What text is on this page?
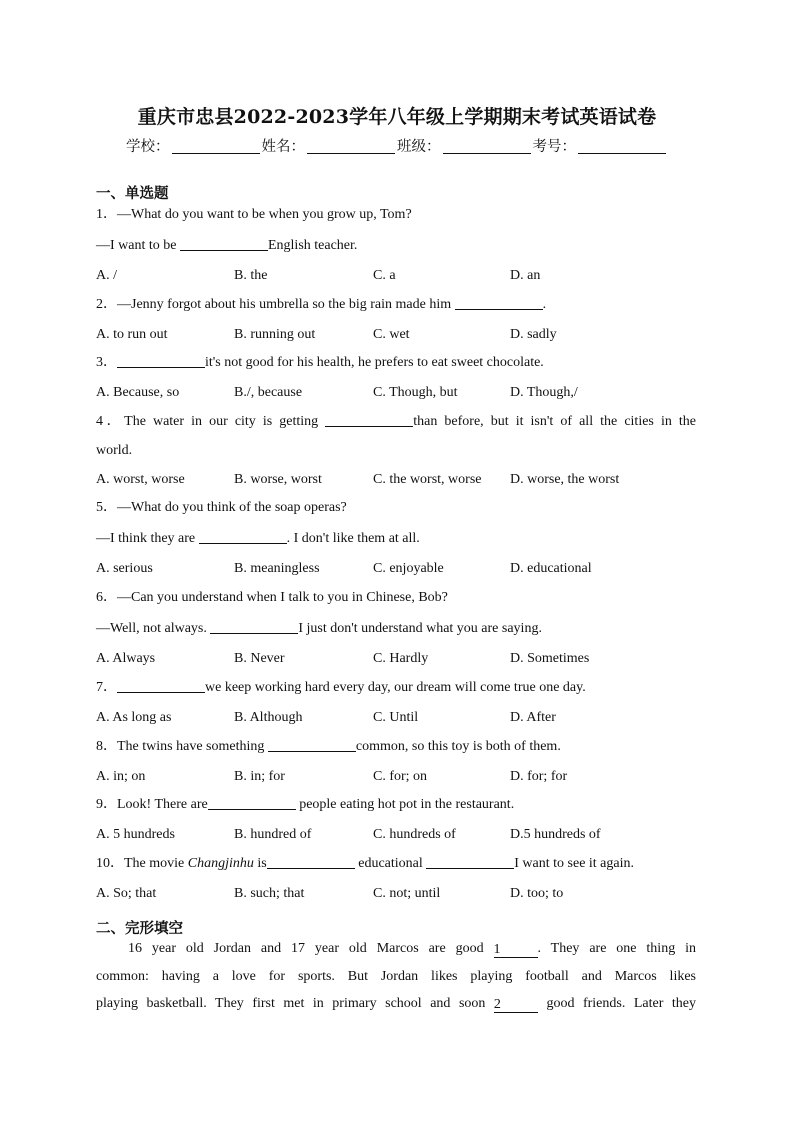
重庆市忠县2022-2023学年八年级上学期期末考试英语试卷
学校：	姓名：	班级：	考号：
一、单选题
1．—What do you want to be when you grow up, Tom?
—I want to be	English teacher.
A. /	B. the	C. a	D. an
2．—Jenny forgot about his umbrella so the big rain made him	.
A. to run out	B. running out	C. wet	D. sadly
3．	it's not good for his health, he prefers to eat sweet chocolate.
A. Because, so	B./, because	C. Though, but	D. Though,/
4．The water in our city is getting	than before, but it isn't of all the cities in the
world.
A. worst, worse	B. worse, worst	C. the worst, worse D. worse, the worst
5．—What do you think of the soap operas?
—I think they are	. I don't like them at all.
A. serious	B. meaningless	C. enjoyable	D. educational
6．—Can you understand when I talk to you in Chinese, Bob?
—Well, not always.	I just don't understand what you are saying.
A. Always	B. Never	C. Hardly	D. Sometimes
7．	we keep working hard every day, our dream will come true one day.
A. As long as	B. Although	C. Until	D. After
8．The twins have something	common, so this toy is both of them.
A. in; on	B. in; for	C. for; on	D. for; for
9．Look! There are	people eating hot pot in the restaurant.
A. 5 hundreds	B. hundred of	C. hundreds of	D.5 hundreds of
10．The movie Changjinhu is	educational	I want to see it again.
A. So; that	B. such; that	C. not; until	D. too; to
二、完形填空
16 year old Jordan and 17 year old Marcos are good 1	. They are one thing in
common: having a love for sports. But Jordan likes playing football and Marcos likes
playing basketball. They first met in primary school and soon 2	good friends. Later they
